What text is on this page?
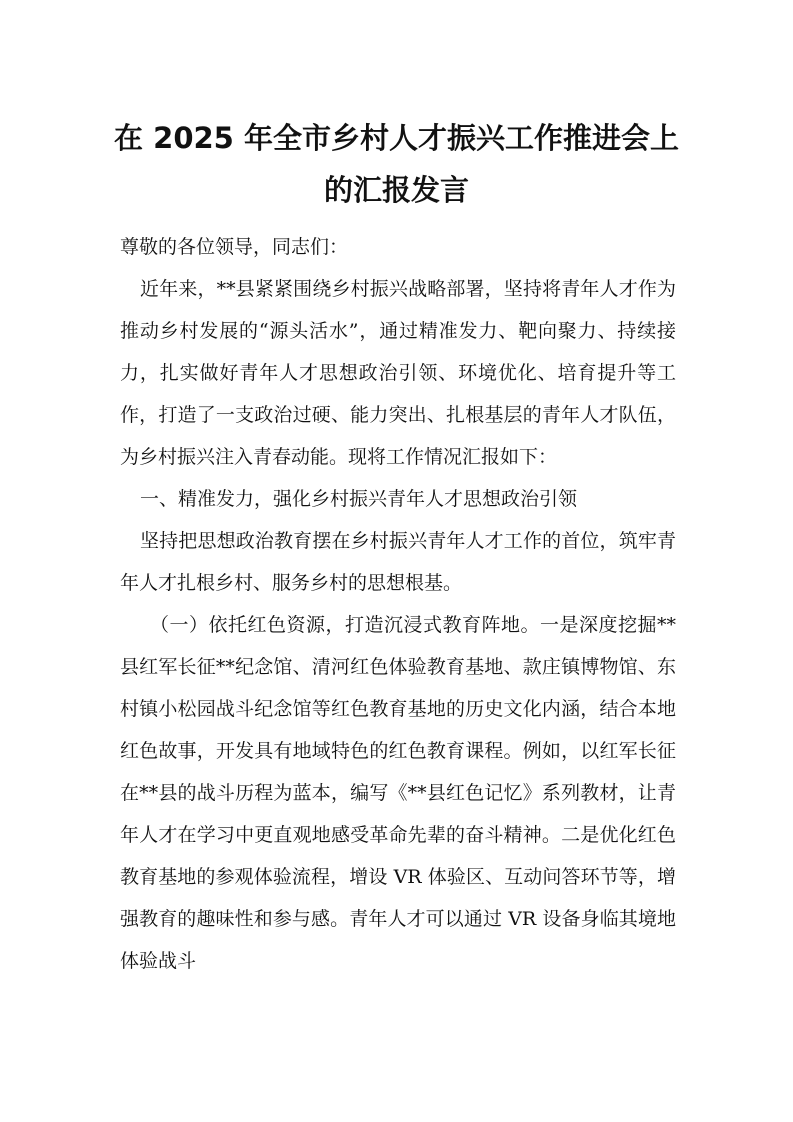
在 2025 年全市乡村人才振兴工作推进会上
的汇报发言

尊敬的各位领导，同志们：

近年来，**县紧紧围绕乡村振兴战略部署，坚持将青年人才作为推动乡村发展的“源头活水”，通过精准发力、靶向聚力、持续接力，扎实做好青年人才思想政治引领、环境优化、培育提升等工作，打造了一支政治过硬、能力突出、扎根基层的青年人才队伍，为乡村振兴注入青春动能。现将工作情况汇报如下：

一、精准发力，强化乡村振兴青年人才思想政治引领

坚持把思想政治教育摆在乡村振兴青年人才工作的首位，筑牢青年人才扎根乡村、服务乡村的思想根基。

（一）依托红色资源，打造沉浸式教育阵地。一是深度挖掘**县红军长征**纪念馆、清河红色体验教育基地、款庄镇博物馆、东村镇小松园战斗纪念馆等红色教育基地的历史文化内涵，结合本地红色故事，开发具有地域特色的红色教育课程。例如，以红军长征在**县的战斗历程为蓝本，编写《**县红色记忆》系列教材，让青年人才在学习中更直观地感受革命先辈的奋斗精神。二是优化红色教育基地的参观体验流程，增设 VR 体验区、互动问答环节等，增强教育的趣味性和参与感。青年人才可以通过 VR 设备身临其境地体验战斗
